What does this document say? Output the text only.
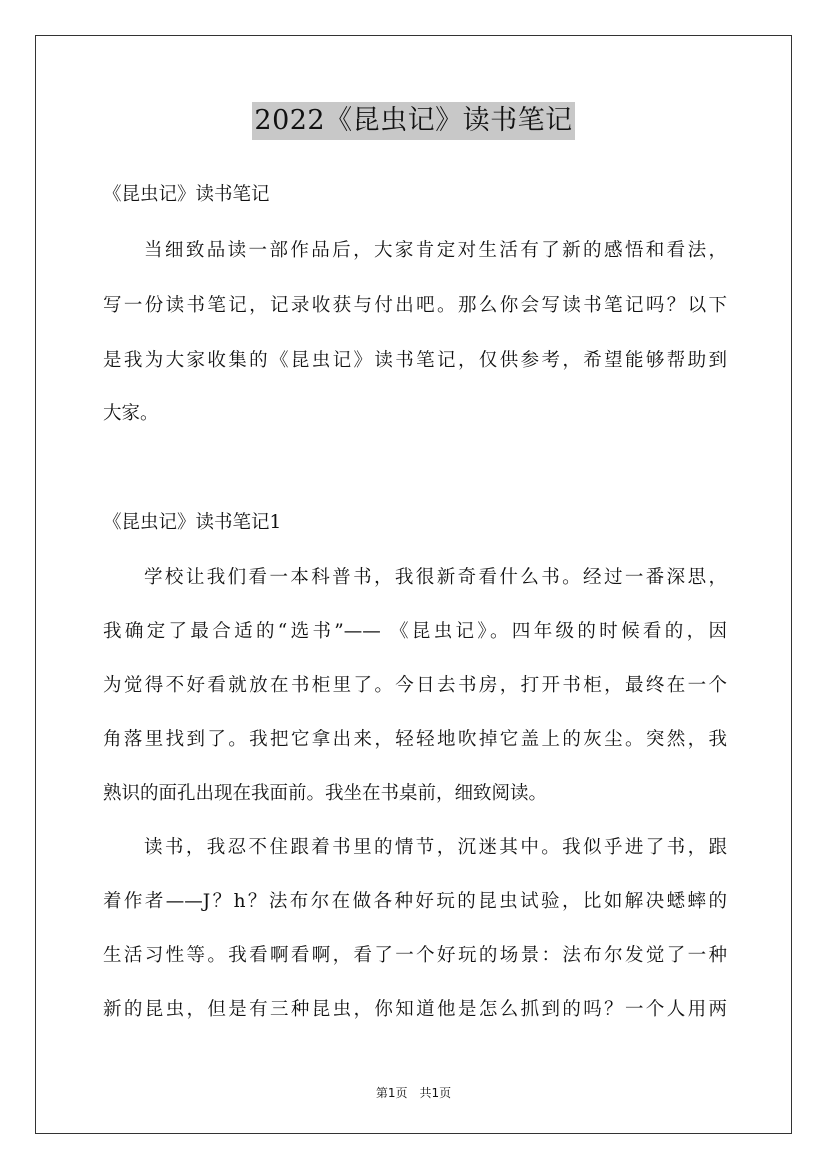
2022《昆虫记》读书笔记
《昆虫记》读书笔记
当细致品读一部作品后，大家肯定对生活有了新的感悟和看法，
写一份读书笔记，记录收获与付出吧。那么你会写读书笔记吗？以下
是我为大家收集的《昆虫记》读书笔记，仅供参考，希望能够帮助到
大家。
《昆虫记》读书笔记1
学校让我们看一本科普书，我很新奇看什么书。经过一番深思，
我确定了最合适的“选书”—— 《昆虫记》。四年级的时候看的，因
为觉得不好看就放在书柜里了。今日去书房，打开书柜，最终在一个
角落里找到了。我把它拿出来，轻轻地吹掉它盖上的灰尘。突然，我
熟识的面孔出现在我面前。我坐在书桌前，细致阅读。
读书，我忍不住跟着书里的情节，沉迷其中。我似乎进了书，跟
着作者——J？h？法布尔在做各种好玩的昆虫试验，比如解决蟋蟀的
生活习性等。我看啊看啊，看了一个好玩的场景：法布尔发觉了一种
新的昆虫，但是有三种昆虫，你知道他是怎么抓到的吗？一个人用两
第1页　共1页
